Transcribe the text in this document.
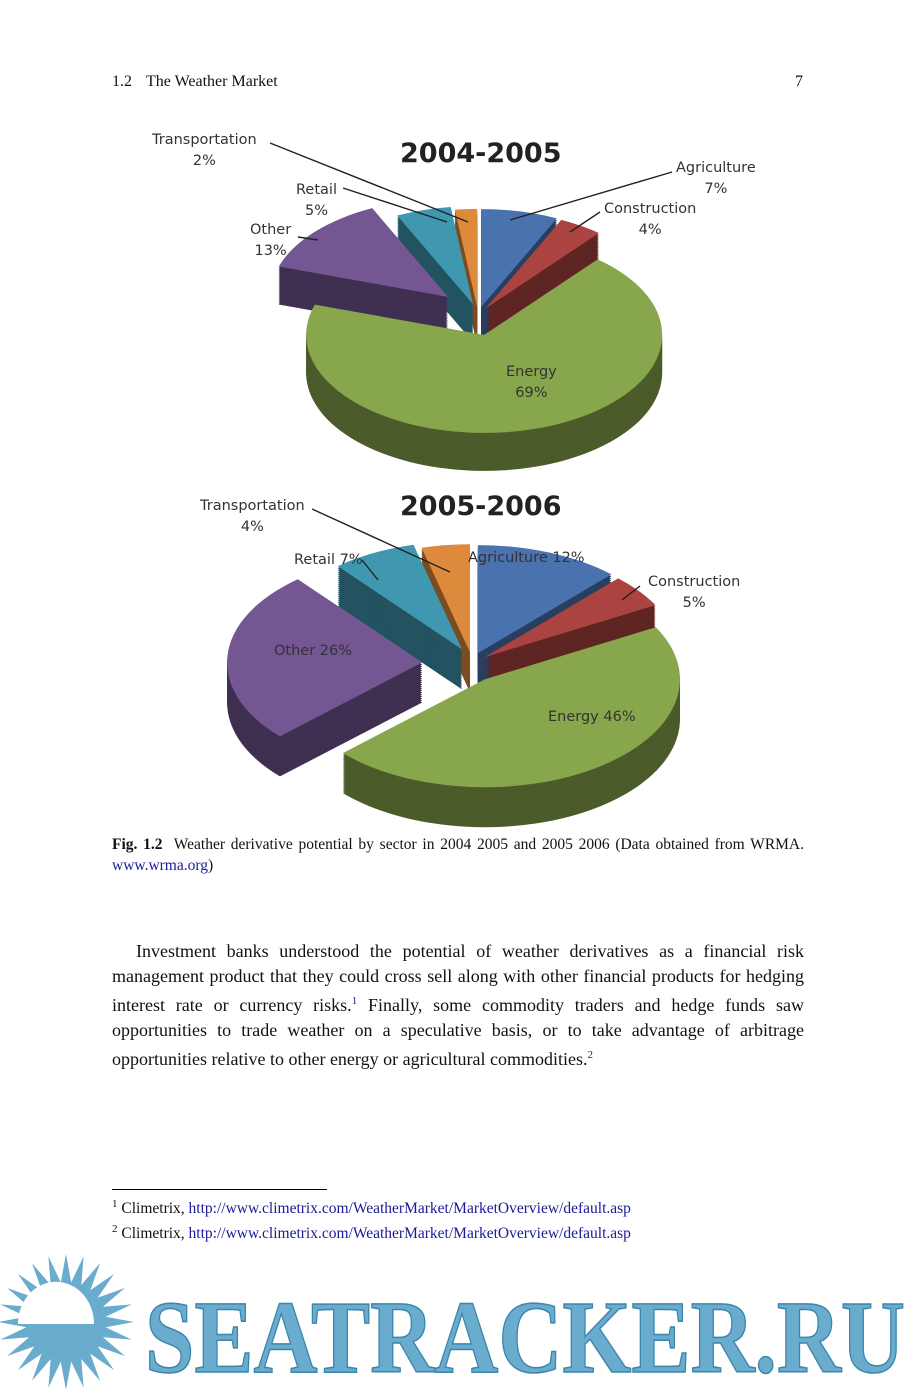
1.2 The Weather Market	7
2004-2005
Transportation
2%
Retail
5%
Other
13%
Agriculture
7%
Construction
4%
Energy
69%
2005-2006
Transportation
4%
Retail 7%	Agriculture 12%
Construction
5%
Other 26%
Energy 46%
Fig. 1.2 Weather derivative potential by sector in 2004 2005 and 2005 2006 (Data obtained from WRMA. www.wrma.org)

Investment banks understood the potential of weather derivatives as a financial risk management product that they could cross sell along with other financial products for hedging interest rate or currency risks.$^1$ Finally, some commodity traders and hedge funds saw opportunities to trade weather on a speculative basis, or to take advantage of arbitrage opportunities relative to other energy or agricultural commodities.$^2$

$^1$ Climetrix, http://www.climetrix.com/WeatherMarket/MarketOverview/default.asp
$^2$ Climetrix, http://www.climetrix.com/WeatherMarket/MarketOverview/default.asp
SEATRACKER.RU
